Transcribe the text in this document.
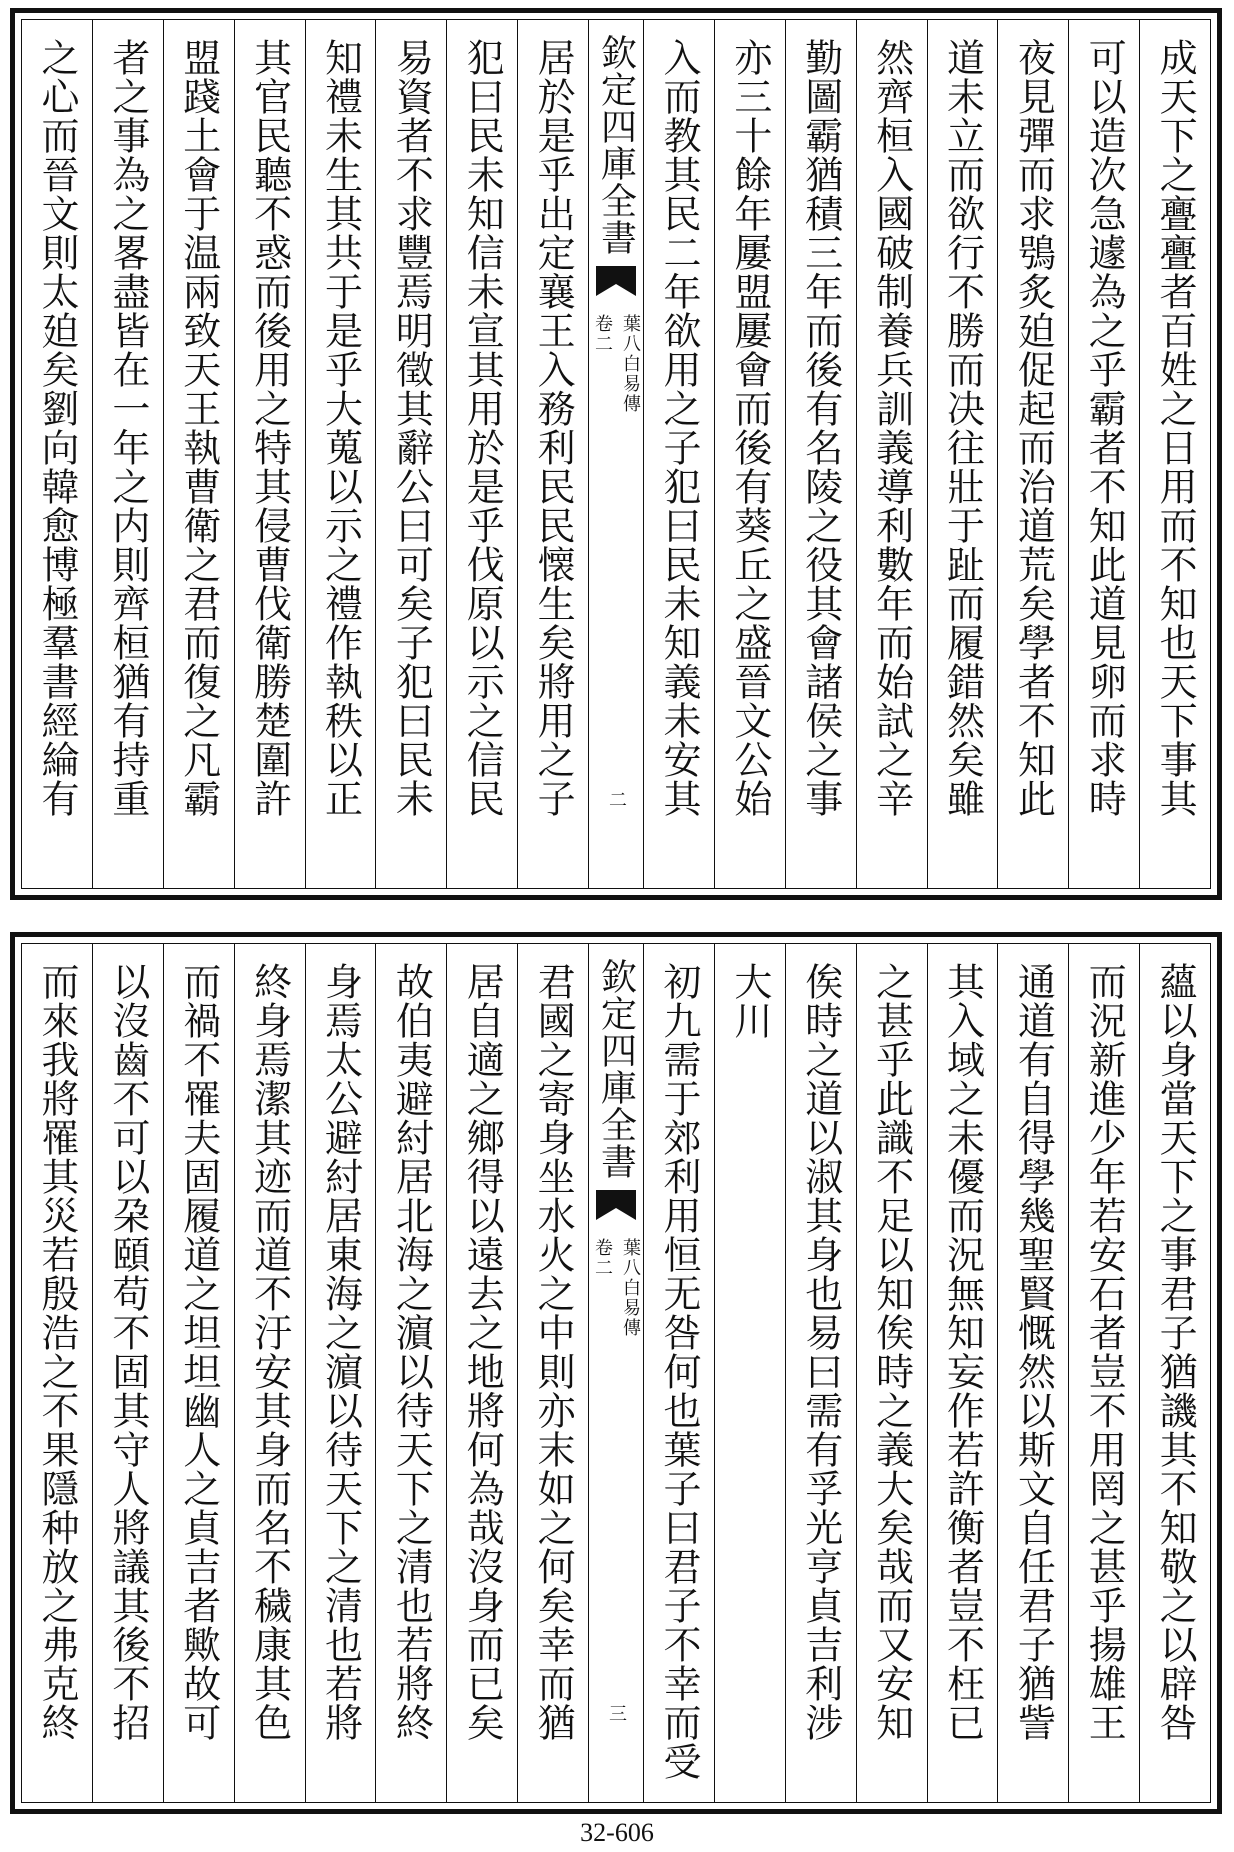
成天下之亹亹者百姓之日用而不知也天下事其
可以造次急遽為之乎霸者不知此道見卵而求時
夜見彈而求鴞炙廹促起而治道荒矣學者不知此
道未立而欲行不勝而决往壯于趾而履錯然矣雖
然齊桓入國破制養兵訓義導利數年而始試之辛
勤圖霸猶積三年而後有名陵之役其會諸侯之事
亦三十餘年屢盟屢會而後有葵丘之盛晉文公始
入而教其民二年欲用之子犯曰民未知義未安其
欽定四庫全書
葉八白易傳
卷二
二
居於是乎出定襄王入務利民民懐生矣將用之子
犯曰民未知信未宣其用於是乎伐原以示之信民
易資者不求豐焉明徵其辭公曰可矣子犯曰民未
知禮未生其共于是乎大蒐以示之禮作執秩以正
其官民聽不惑而後用之特其侵曹伐衛勝楚圍許
盟踐土會于温兩致天王執曹衛之君而復之凡霸
者之事為之畧盡皆在一年之内則齊桓猶有持重
之心而晉文則太廹矣劉向韓愈博極羣書經綸有
蘊以身當天下之事君子猶譏其不知敬之以辟咎
而況新進少年若安石者豈不用罔之甚乎揚雄王
通道有自得學幾聖賢慨然以斯文自任君子猶訾
其入域之未優而況無知妄作若許衡者豈不枉已
之甚乎此識不足以知俟時之義大矣哉而又安知
俟時之道以淑其身也易曰需有孚光亨貞吉利涉
大川
初九需于郊利用恒无咎何也葉子曰君子不幸而受
欽定四庫全書
葉八白易傳
卷二
三
君國之寄身坐水火之中則亦末如之何矣幸而猶
居自適之鄉得以遠去之地將何為哉沒身而已矣
故伯夷避紂居北海之濵以待天下之清也若將終
身焉太公避紂居東海之濵以待天下之清也若將
終身焉潔其迹而道不汙安其身而名不穢康其色
而禍不罹夫固履道之坦坦幽人之貞吉者歟故可
以沒齒不可以朶頤苟不固其守人將議其後不招
而來我將罹其災若殷浩之不果隱种放之弗克終
32-606
